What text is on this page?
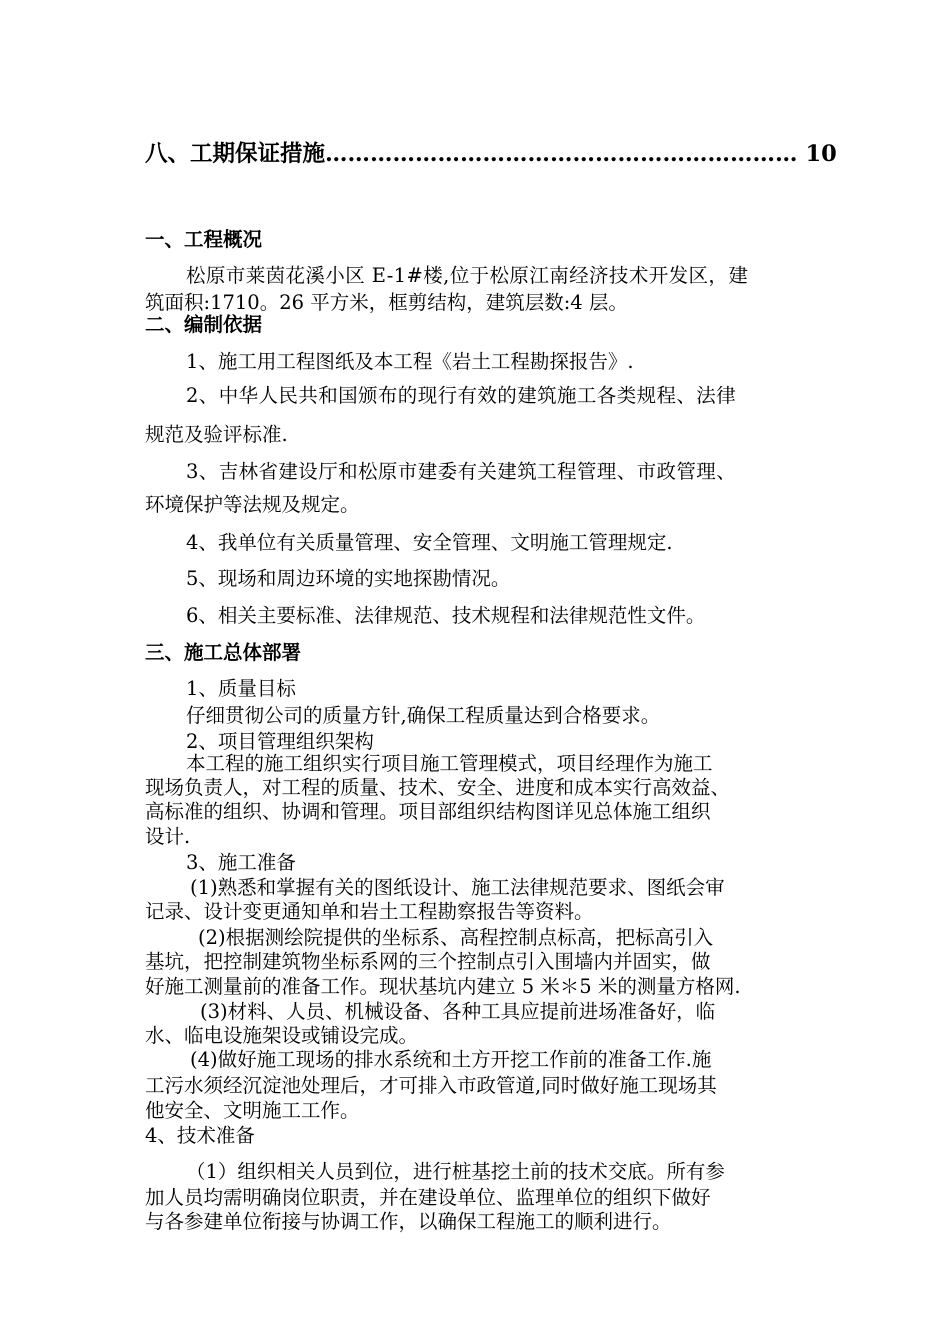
八、工期保证措施……………………………………………………… 10
一、工程概况
松原市莱茵花溪小区 E-1#楼,位于松原江南经济技术开发区，建
筑面积:1710。26 平方米，框剪结构，建筑层数:4 层。
二、编制依据
1、施工用工程图纸及本工程《岩土工程勘探报告》.
2、中华人民共和国颁布的现行有效的建筑施工各类规程、法律
规范及验评标准.
3、吉林省建设厅和松原市建委有关建筑工程管理、市政管理、
环境保护等法规及规定。
4、我单位有关质量管理、安全管理、文明施工管理规定.
5、现场和周边环境的实地探勘情况。
6、相关主要标准、法律规范、技术规程和法律规范性文件。
三、施工总体部署
1、质量目标
仔细贯彻公司的质量方针,确保工程质量达到合格要求。
2、项目管理组织架构
本工程的施工组织实行项目施工管理模式，项目经理作为施工
现场负责人，对工程的质量、技术、安全、进度和成本实行高效益、
高标准的组织、协调和管理。项目部组织结构图详见总体施工组织
设计.
3、施工准备
(1)熟悉和掌握有关的图纸设计、施工法律规范要求、图纸会审
记录、设计变更通知单和岩土工程勘察报告等资料。
(2)根据测绘院提供的坐标系、高程控制点标高，把标高引入
基坑，把控制建筑物坐标系网的三个控制点引入围墙内并固实，做
好施工测量前的准备工作。现状基坑内建立 5 米＊5 米的测量方格网.
(3)材料、人员、机械设备、各种工具应提前进场准备好，临
水、临电设施架设或铺设完成。
(4)做好施工现场的排水系统和土方开挖工作前的准备工作.施
工污水须经沉淀池处理后，才可排入市政管道,同时做好施工现场其
他安全、文明施工工作。
4、技术准备
（1）组织相关人员到位，进行桩基挖土前的技术交底。所有参
加人员均需明确岗位职责，并在建设单位、监理单位的组织下做好
与各参建单位衔接与协调工作，以确保工程施工的顺利进行。
